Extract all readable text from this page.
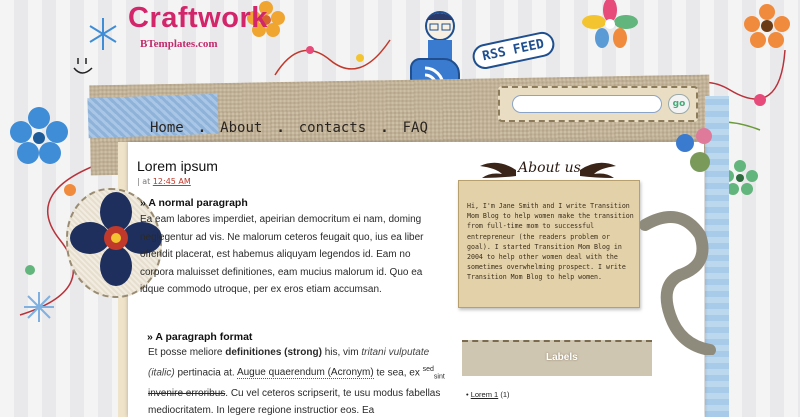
Craftwork
BTemplates.com	RSS FEED
go
Home . About . contacts . FAQ
Lorem ipsum
| at 12:45 AM
» A normal paragraph
Ea eam labores imperdiet, apeirian democritum ei nam, doming neglegentur ad vis. Ne malorum ceteros feugait quo, ius ea liber offendit placerat, est habemus aliquyam legendos id. Eam no corpora maluisset definitiones, eam mucius malorum id. Quo ea idque commodo utroque, per ex eros etiam accumsan.
» A paragraph format
Et posse meliore definitiones (strong) his, vim tritani vulputate (italic) pertinacia at. Augue quaerendum (Acronym) te sea, ex $^{sed}_{sint}$ invenire erroribus. Cu vel ceteros scripserit, te usu modus fabellas mediocritatem. In legere regione instructior eos. Ea
About us
Hi, I'm Jane Smith and I write Transition Mom Blog to help women make the transition from full-time mom to successful entrepreneur (the readers problem or goal). I started Transition Mom Blog in 2004 to help other women deal with the sometimes overwhelming prospect. I write Transition Mom Blog to help women.
Labels
• Lorem 1 (1)
